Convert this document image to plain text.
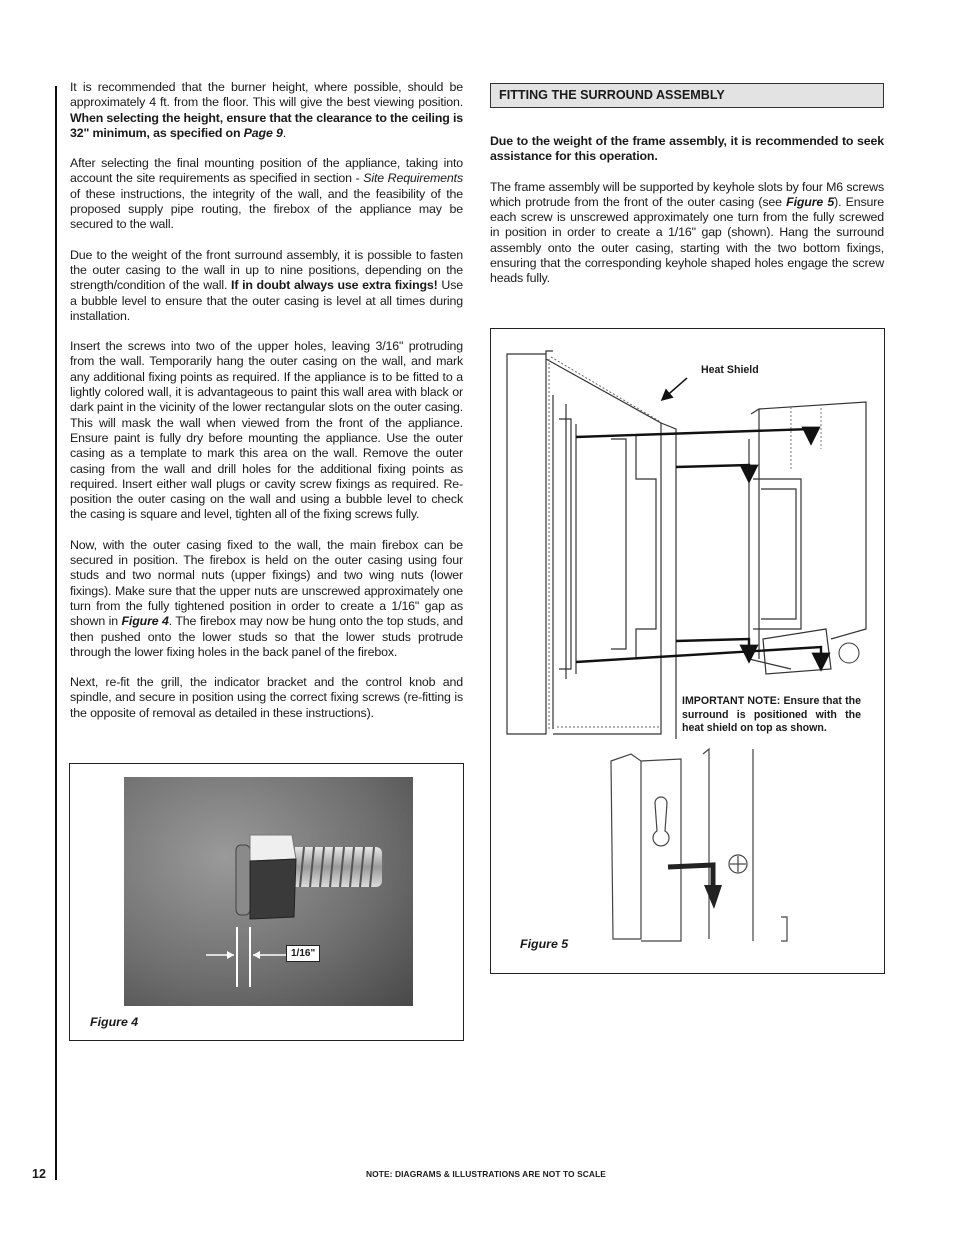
It is recommended that the burner height, where possible, should be approximately 4 ft. from the floor. This will give the best viewing position. When selecting the height, ensure that the clearance to the ceiling is 32" minimum, as specified on Page 9.

After selecting the final mounting position of the appliance, taking into account the site requirements as specified in section - Site Requirements of these instructions, the integrity of the wall, and the feasibility of the proposed supply pipe routing, the firebox of the appliance may be secured to the wall.

Due to the weight of the front surround assembly, it is possible to fasten the outer casing to the wall in up to nine positions, depending on the strength/condition of the wall. If in doubt always use extra fixings! Use a bubble level to ensure that the outer casing is level at all times during installation.

Insert the screws into two of the upper holes, leaving 3/16" protruding from the wall. Temporarily hang the outer casing on the wall, and mark any additional fixing points as required. If the appliance is to be fitted to a lightly colored wall, it is advantageous to paint this wall area with black or dark paint in the vicinity of the lower rectangular slots on the outer casing. This will mask the wall when viewed from the front of the appliance. Ensure paint is fully dry before mounting the appliance. Use the outer casing as a template to mark this area on the wall. Remove the outer casing from the wall and drill holes for the additional fixing points as required. Insert either wall plugs or cavity screw fixings as required. Re-position the outer casing on the wall and using a bubble level to check the casing is square and level, tighten all of the fixing screws fully.

Now, with the outer casing fixed to the wall, the main firebox can be secured in position. The firebox is held on the outer casing using four studs and two normal nuts (upper fixings) and two wing nuts (lower fixings). Make sure that the upper nuts are unscrewed approximately one turn from the fully tightened position in order to create a 1/16" gap as shown in Figure 4. The firebox may now be hung onto the top studs, and then pushed onto the lower studs so that the lower studs protrude through the lower fixing holes in the back panel of the firebox.

Next, re-fit the grill, the indicator bracket and the control knob and spindle, and secure in position using the correct fixing screws (re-fitting is the opposite of removal as detailed in these instructions).

FITTING THE SURROUND ASSEMBLY

Due to the weight of the frame assembly, it is recommended to seek assistance for this operation.

The frame assembly will be supported by keyhole slots by four M6 screws which protrude from the front of the outer casing (see Figure 5). Ensure each screw is unscrewed approximately one turn from the fully screwed in position in order to create a 1/16" gap (shown). Hang the surround assembly onto the outer casing, starting with the two bottom fixings, ensuring that the corresponding keyhole shaped holes engage the screw heads fully.

1/16"
Figure 4
Heat Shield
IMPORTANT NOTE: Ensure that the surround is positioned with the heat shield on top as shown.
Figure 5
12	NOTE: DIAGRAMS & ILLUSTRATIONS ARE NOT TO SCALE
